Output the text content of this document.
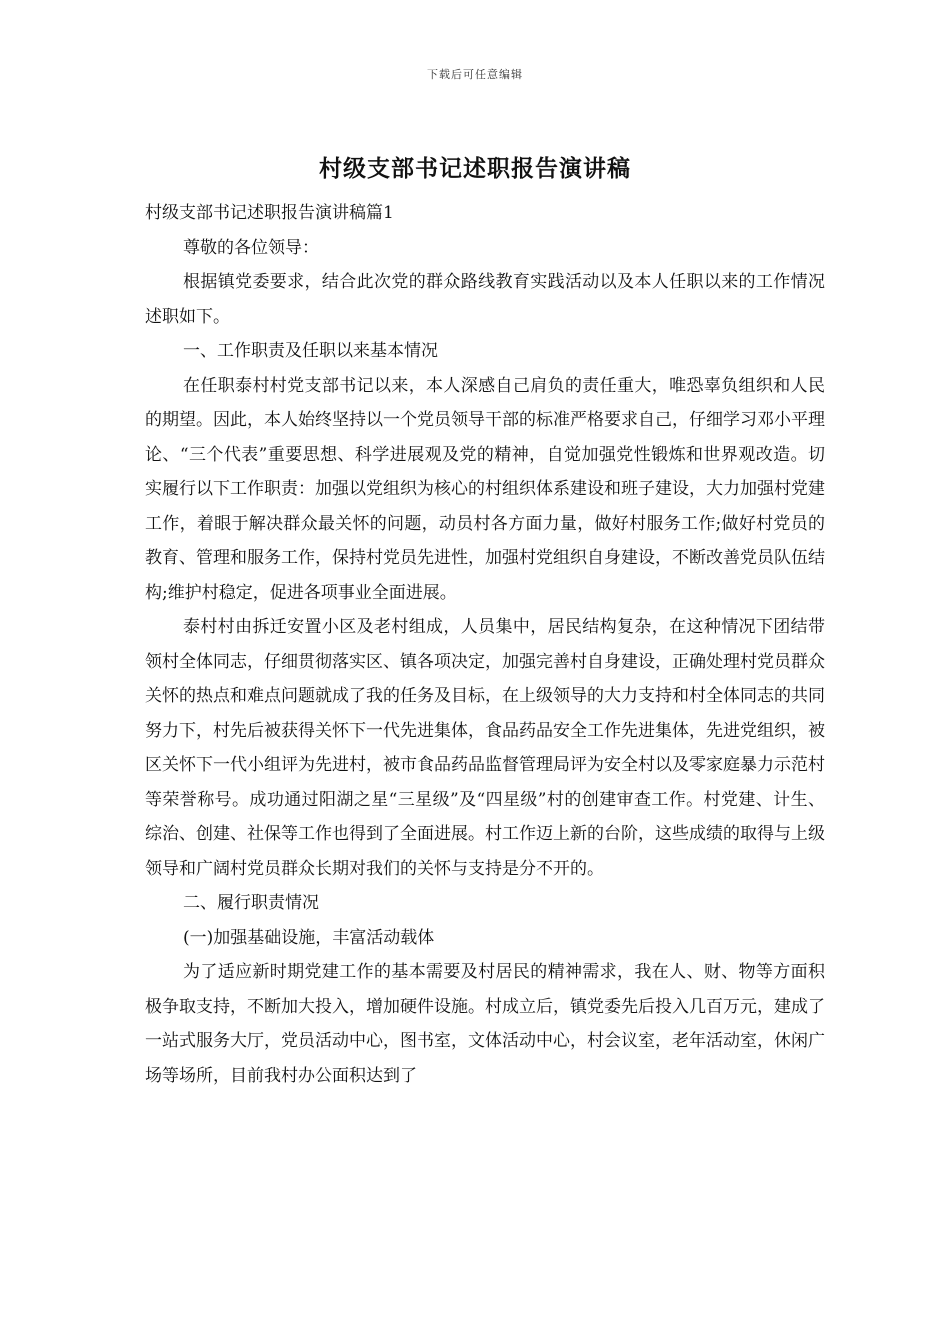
下载后可任意编辑
村级支部书记述职报告演讲稿

村级支部书记述职报告演讲稿篇1

尊敬的各位领导：

根据镇党委要求，结合此次党的群众路线教育实践活动以及本人任职以来的工作情况述职如下。

一、工作职责及任职以来基本情况

在任职泰村村党支部书记以来，本人深感自己肩负的责任重大，唯恐辜负组织和人民的期望。因此，本人始终坚持以一个党员领导干部的标准严格要求自己，仔细学习邓小平理论、“三个代表”重要思想、科学进展观及党的精神，自觉加强党性锻炼和世界观改造。切实履行以下工作职责：加强以党组织为核心的村组织体系建设和班子建设，大力加强村党建工作，着眼于解决群众最关怀的问题，动员村各方面力量，做好村服务工作;做好村党员的教育、管理和服务工作，保持村党员先进性，加强村党组织自身建设，不断改善党员队伍结构;维护村稳定，促进各项事业全面进展。

泰村村由拆迁安置小区及老村组成，人员集中，居民结构复杂，在这种情况下团结带领村全体同志，仔细贯彻落实区、镇各项决定，加强完善村自身建设，正确处理村党员群众关怀的热点和难点问题就成了我的任务及目标，在上级领导的大力支持和村全体同志的共同努力下，村先后被获得关怀下一代先进集体，食品药品安全工作先进集体，先进党组织，被区关怀下一代小组评为先进村，被市食品药品监督管理局评为安全村以及零家庭暴力示范村等荣誉称号。成功通过阳湖之星“三星级”及“四星级”村的创建审查工作。村党建、计生、综治、创建、社保等工作也得到了全面进展。村工作迈上新的台阶，这些成绩的取得与上级领导和广阔村党员群众长期对我们的关怀与支持是分不开的。

二、履行职责情况

(一)加强基础设施，丰富活动载体

为了适应新时期党建工作的基本需要及村居民的精神需求，我在人、财、物等方面积极争取支持，不断加大投入，增加硬件设施。村成立后，镇党委先后投入几百万元，建成了一站式服务大厅，党员活动中心，图书室，文体活动中心，村会议室，老年活动室，休闲广场等场所，目前我村办公面积达到了
